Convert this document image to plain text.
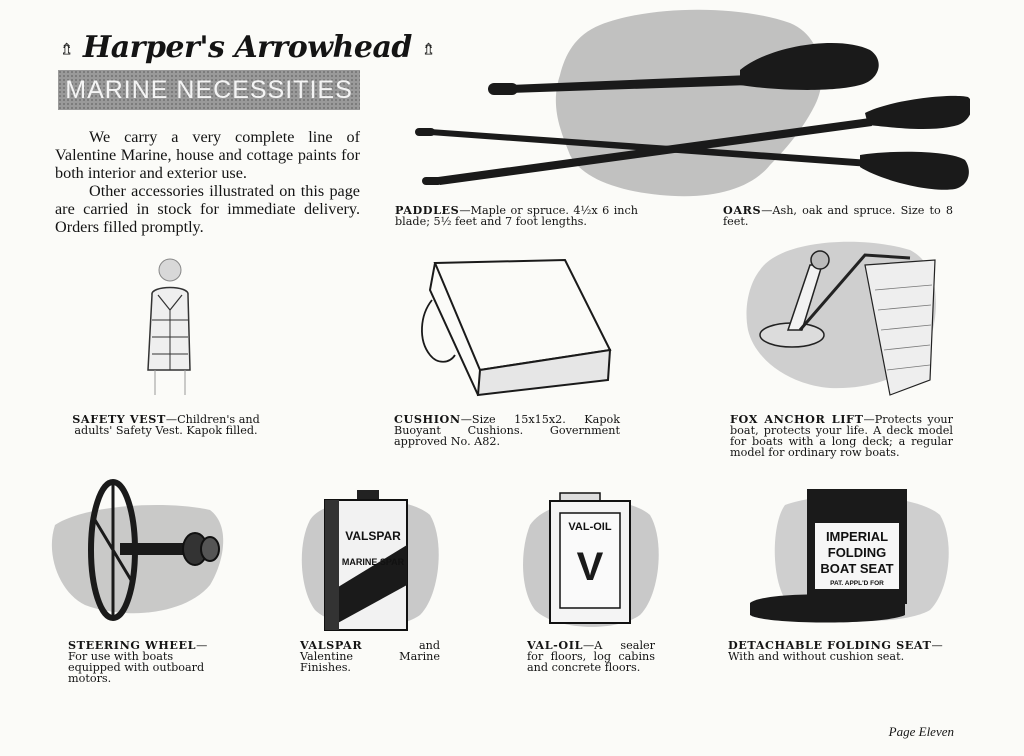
⇯ Harper's Arrowhead ⇯
MARINE NECESSITIES

We carry a very complete line of Valentine Marine, house and cottage paints for both interior and exterior use.

Other accessories illustrated on this page are carried in stock for immediate delivery. Orders filled promptly.

PADDLES—Maple or spruce. 4½x 6 inch blade; 5½ feet and 7 foot lengths.
OARS—Ash, oak and spruce. Size to 8 feet.
SAFETY VEST—Children's and adults' Safety Vest. Kapok filled.
CUSHION—Size 15x15x2. Kapok Buoyant Cushions. Government approved No. A82.
FOX ANCHOR LIFT—Protects your boat, protects your life. A deck model for boats with a long deck; a regular model for ordinary row boats.
STEERING WHEEL—For use with boats equipped with outboard motors.
VALSPAR
MARINE SPAR
VALSPAR and Valentine Marine Finishes.
VAL-OIL
V
VAL-OIL—A sealer for floors, log cabins and concrete floors.
IMPERIAL
FOLDING
BOAT SEAT
PAT. APPL'D FOR
DETACHABLE FOLDING SEAT—With and without cushion seat.
Page Eleven
